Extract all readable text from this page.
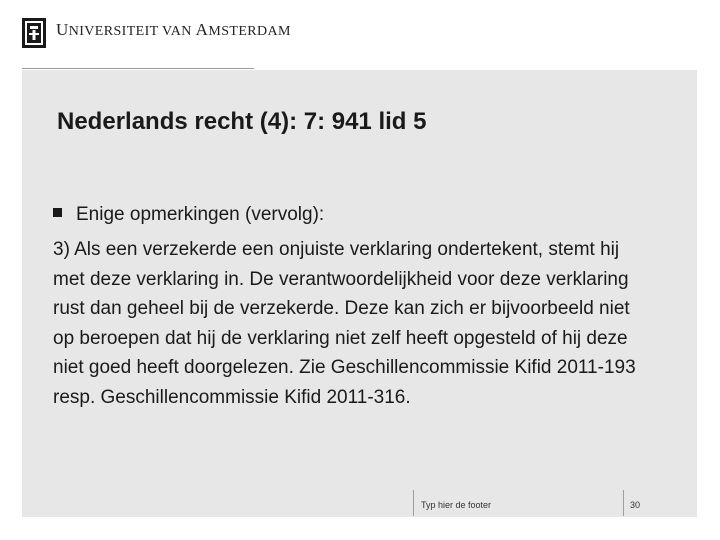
UNIVERSITEIT VAN AMSTERDAM
Nederlands recht (4): 7: 941 lid 5
Enige opmerkingen (vervolg):
3) Als een verzekerde een onjuiste verklaring ondertekent, stemt hij met deze verklaring in. De verantwoordelijkheid voor deze verklaring rust dan geheel bij de verzekerde. Deze kan zich er bijvoorbeeld niet op beroepen dat hij de verklaring niet zelf heeft opgesteld of hij deze niet goed heeft doorgelezen. Zie Geschillencommissie Kifid 2011-193 resp. Geschillencommissie Kifid 2011-316.
Typ hier de footer	30
